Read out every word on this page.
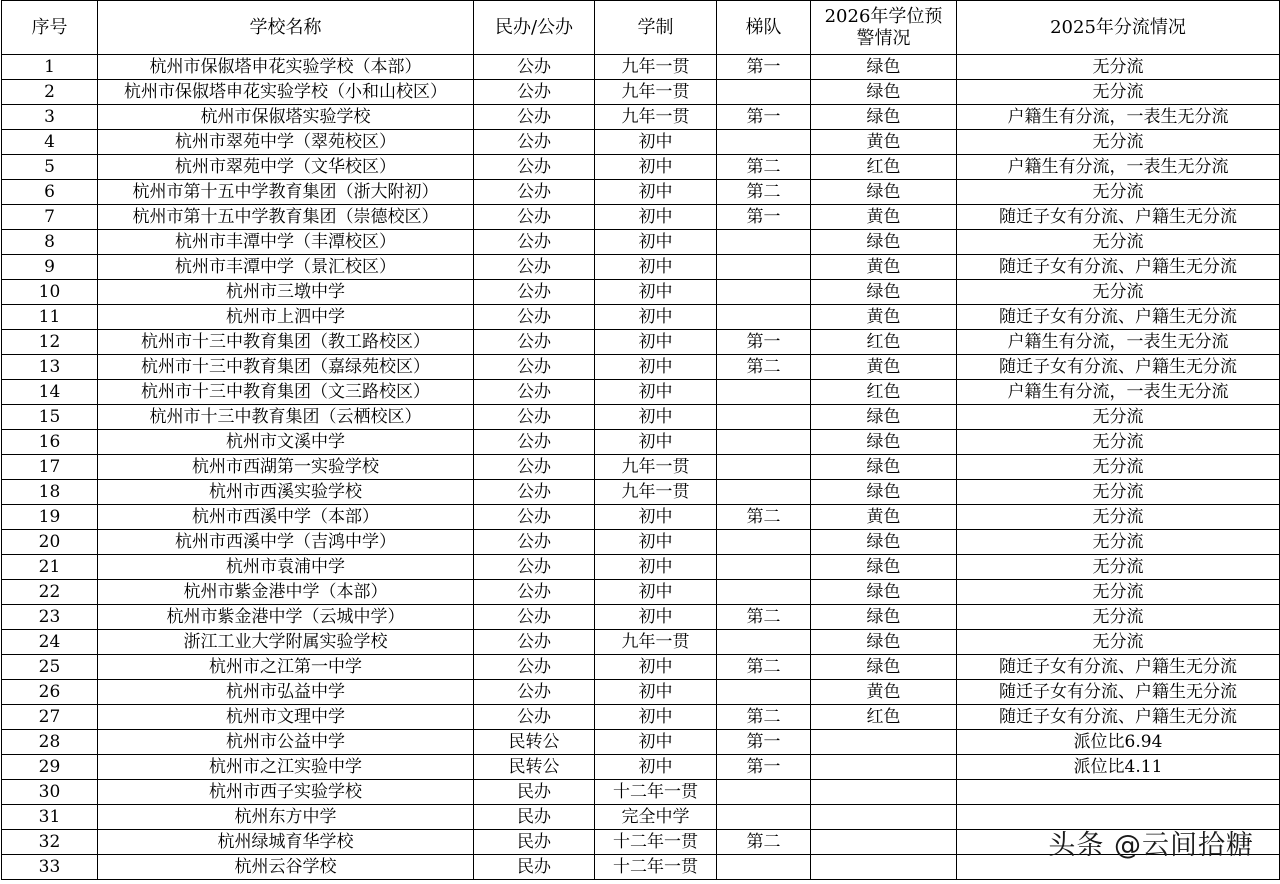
序号	学校名称	民办/公办	学制	梯队	2026年学位预警情况	2025年分流情况
1	杭州市保俶塔申花实验学校（本部）	公办	九年一贯	第一	绿色	无分流
2	杭州市保俶塔申花实验学校（小和山校区）	公办	九年一贯		绿色	无分流
3	杭州市保俶塔实验学校	公办	九年一贯	第一	绿色	户籍生有分流，一表生无分流
4	杭州市翠苑中学（翠苑校区）	公办	初中		黄色	无分流
5	杭州市翠苑中学（文华校区）	公办	初中	第二	红色	户籍生有分流，一表生无分流
6	杭州市第十五中学教育集团（浙大附初）	公办	初中	第二	绿色	无分流
7	杭州市第十五中学教育集团（崇德校区）	公办	初中	第一	黄色	随迁子女有分流、户籍生无分流
8	杭州市丰潭中学（丰潭校区）	公办	初中		绿色	无分流
9	杭州市丰潭中学（景汇校区）	公办	初中		黄色	随迁子女有分流、户籍生无分流
10	杭州市三墩中学	公办	初中		绿色	无分流
11	杭州市上泗中学	公办	初中		黄色	随迁子女有分流、户籍生无分流
12	杭州市十三中教育集团（教工路校区）	公办	初中	第一	红色	户籍生有分流，一表生无分流
13	杭州市十三中教育集团（嘉绿苑校区）	公办	初中	第二	黄色	随迁子女有分流、户籍生无分流
14	杭州市十三中教育集团（文三路校区）	公办	初中		红色	户籍生有分流，一表生无分流
15	杭州市十三中教育集团（云栖校区）	公办	初中		绿色	无分流
16	杭州市文溪中学	公办	初中		绿色	无分流
17	杭州市西湖第一实验学校	公办	九年一贯		绿色	无分流
18	杭州市西溪实验学校	公办	九年一贯		绿色	无分流
19	杭州市西溪中学（本部）	公办	初中	第二	黄色	无分流
20	杭州市西溪中学（吉鸿中学）	公办	初中		绿色	无分流
21	杭州市袁浦中学	公办	初中		绿色	无分流
22	杭州市紫金港中学（本部）	公办	初中		绿色	无分流
23	杭州市紫金港中学（云城中学）	公办	初中	第二	绿色	无分流
24	浙江工业大学附属实验学校	公办	九年一贯		绿色	无分流
25	杭州市之江第一中学	公办	初中	第二	绿色	随迁子女有分流、户籍生无分流
26	杭州市弘益中学	公办	初中		黄色	随迁子女有分流、户籍生无分流
27	杭州市文理中学	公办	初中	第二	红色	随迁子女有分流、户籍生无分流
28	杭州市公益中学	民转公	初中	第一		派位比6.94
29	杭州市之江实验中学	民转公	初中	第一		派位比4.11
30	杭州市西子实验学校	民办	十二年一贯			
31	杭州东方中学	民办	完全中学			
32	杭州绿城育华学校	民办	十二年一贯	第二		
33	杭州云谷学校	民办	十二年一贯			
头条 @云间拾糖
